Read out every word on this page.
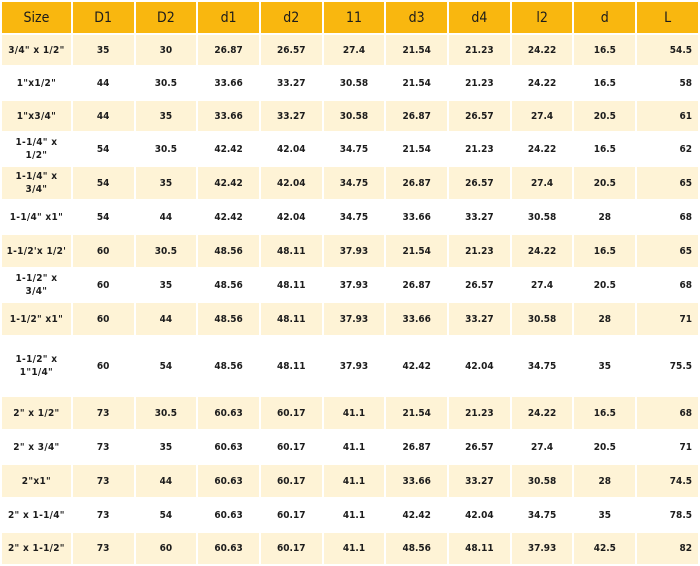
Size	D1	D2	d1	d2	11	d3	d4	l2	d	L
3/4" x 1/2"	35	30	26.87	26.57	27.4	21.54	21.23	24.22	16.5	54.5
1"x1/2"	44	30.5	33.66	33.27	30.58	21.54	21.23	24.22	16.5	58
1"x3/4"	44	35	33.66	33.27	30.58	26.87	26.57	27.4	20.5	61
1-1/4" x 1/2"	54	30.5	42.42	42.04	34.75	21.54	21.23	24.22	16.5	62
1-1/4" x 3/4"	54	35	42.42	42.04	34.75	26.87	26.57	27.4	20.5	65
1-1/4" x1"	54	44	42.42	42.04	34.75	33.66	33.27	30.58	28	68
1-1/2'x 1/2'	60	30.5	48.56	48.11	37.93	21.54	21.23	24.22	16.5	65
1-1/2" x 3/4"	60	35	48.56	48.11	37.93	26.87	26.57	27.4	20.5	68
1-1/2" x1"	60	44	48.56	48.11	37.93	33.66	33.27	30.58	28	71
1-1/2" x 1"1/4"	60	54	48.56	48.11	37.93	42.42	42.04	34.75	35	75.5
2" x 1/2"	73	30.5	60.63	60.17	41.1	21.54	21.23	24.22	16.5	68
2" x 3/4"	73	35	60.63	60.17	41.1	26.87	26.57	27.4	20.5	71
2"x1"	73	44	60.63	60.17	41.1	33.66	33.27	30.58	28	74.5
2" x 1-1/4"	73	54	60.63	60.17	41.1	42.42	42.04	34.75	35	78.5
2" x 1-1/2"	73	60	60.63	60.17	41.1	48.56	48.11	37.93	42.5	82
